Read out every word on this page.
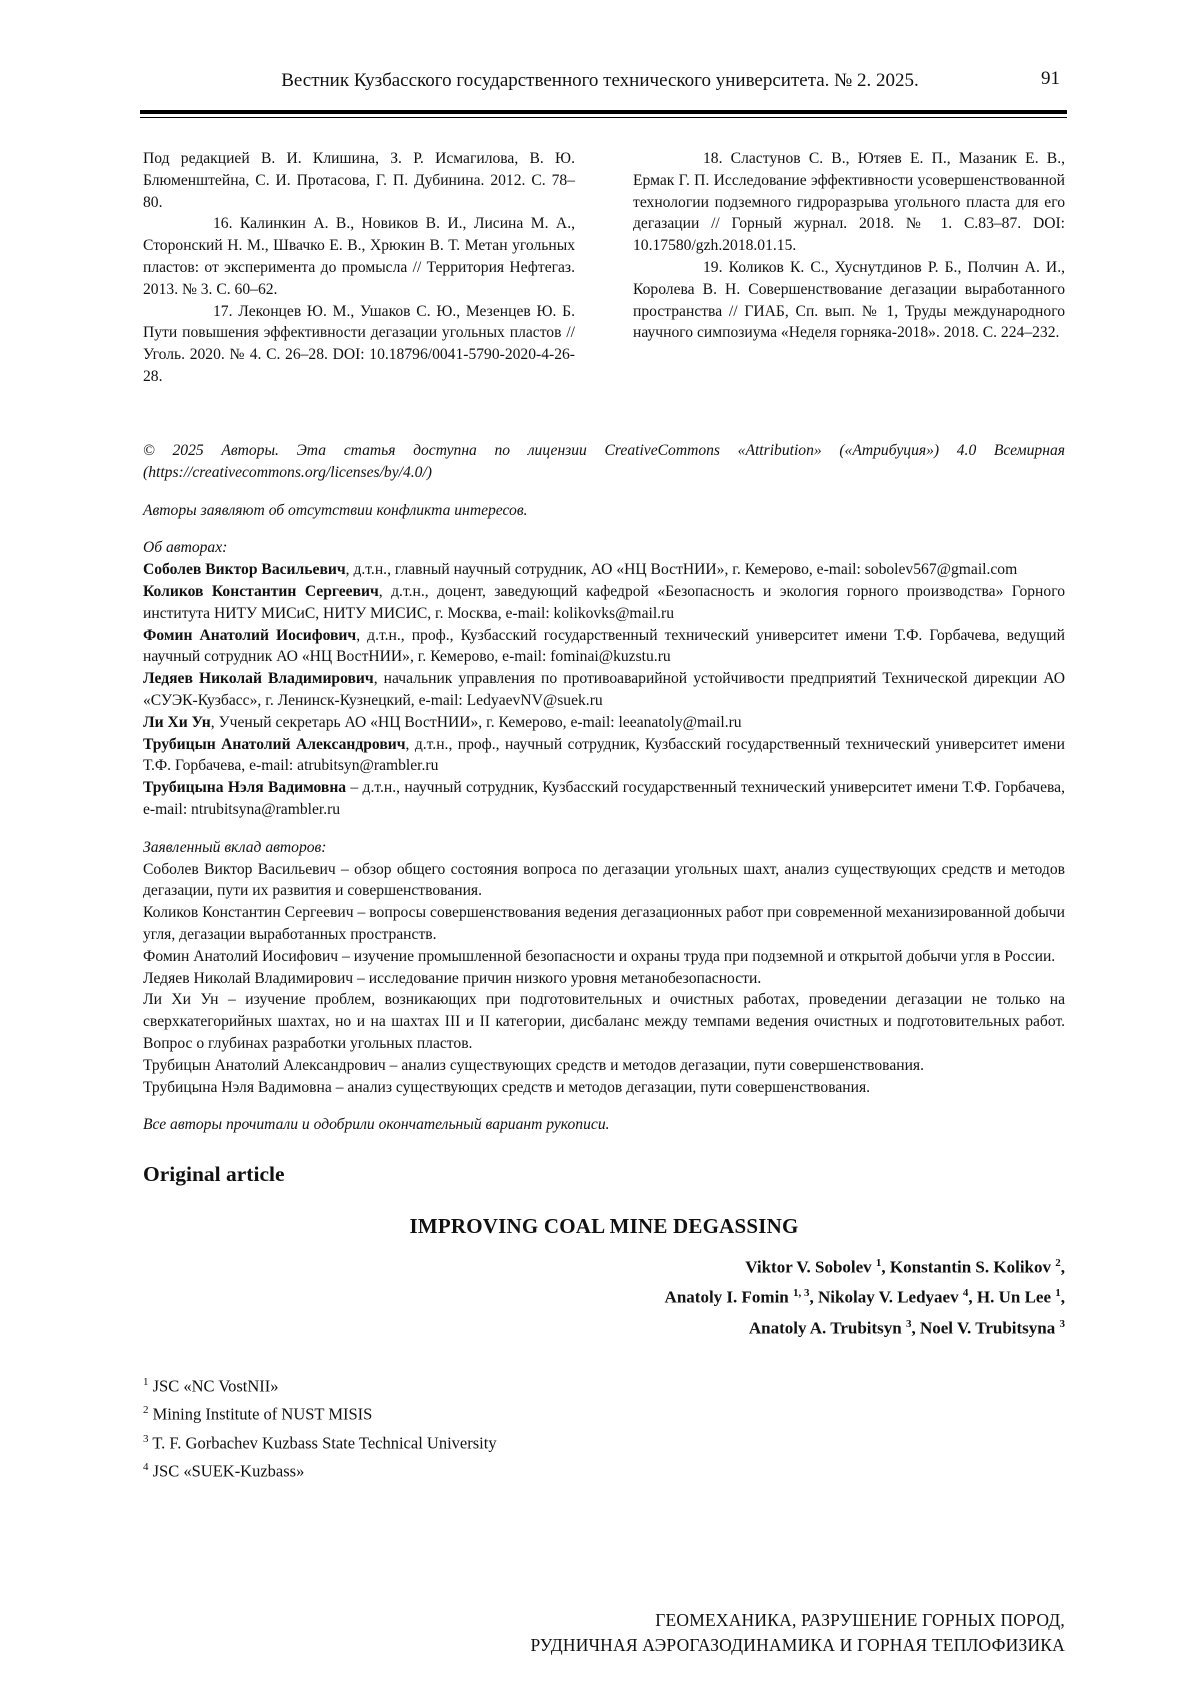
Вестник Кузбасского государственного технического университета. № 2. 2025.	91

Под редакцией В. И. Клишина, З. Р. Исмагилова, В. Ю. Блюменштейна, С. И. Протасова, Г. П. Дубинина. 2012. С. 78–80.

16. Калинкин А. В., Новиков В. И., Лисина М. А., Сторонский Н. М., Швачко Е. В., Хрюкин В. Т. Метан угольных пластов: от эксперимента до промысла // Территория Нефтегаз. 2013. № 3. С. 60–62.

17. Леконцев Ю. М., Ушаков С. Ю., Мезенцев Ю. Б. Пути повышения эффективности дегазации угольных пластов // Уголь. 2020. № 4. С. 26–28. DOI: 10.18796/0041-5790-2020-4-26-28.

18. Сластунов С. В., Ютяев Е. П., Мазаник Е. В., Ермак Г. П. Исследование эффективности усовершенствованной технологии подземного гидроразрыва угольного пласта для его дегазации // Горный журнал. 2018. № 1. С.83–87. DOI: 10.17580/gzh.2018.01.15.

19. Коликов К. С., Хуснутдинов Р. Б., Полчин А. И., Королева В. Н. Совершенствование дегазации выработанного пространства // ГИАБ, Сп. вып. № 1, Труды международного научного симпозиума «Неделя горняка-2018». 2018. С. 224–232.

© 2025 Авторы. Эта статья доступна по лицензии CreativeCommons «Attribution» («Атрибуция») 4.0 Всемирная (https://creativecommons.org/licenses/by/4.0/)

Авторы заявляют об отсутствии конфликта интересов.

Об авторах:

Соболев Виктор Васильевич, д.т.н., главный научный сотрудник, АО «НЦ ВостНИИ», г. Кемерово, e-mail: sobolev567@gmail.com

Коликов Константин Сергеевич, д.т.н., доцент, заведующий кафедрой «Безопасность и экология горного производства» Горного института НИТУ МИСиС, НИТУ МИСИС, г. Москва, e-mail: kolikovks@mail.ru

Фомин Анатолий Иосифович, д.т.н., проф., Кузбасский государственный технический университет имени Т.Ф. Горбачева, ведущий научный сотрудник АО «НЦ ВостНИИ», г. Кемерово, e-mail: fominai@kuzstu.ru

Ледяев Николай Владимирович, начальник управления по противоаварийной устойчивости предприятий Технической дирекции АО «СУЭК-Кузбасс», г. Ленинск-Кузнецкий, e-mail: LedyaevNV@suek.ru

Ли Хи Ун, Ученый секретарь АО «НЦ ВостНИИ», г. Кемерово, e-mail: leeanatoly@mail.ru

Трубицын Анатолий Александрович, д.т.н., проф., научный сотрудник, Кузбасский государственный технический университет имени Т.Ф. Горбачева, e-mail: atrubitsyn@rambler.ru

Трубицына Нэля Вадимовна – д.т.н., научный сотрудник, Кузбасский государственный технический университет имени Т.Ф. Горбачева, e-mail: ntrubitsyna@rambler.ru

Заявленный вклад авторов:

Соболев Виктор Васильевич – обзор общего состояния вопроса по дегазации угольных шахт, анализ существующих средств и методов дегазации, пути их развития и совершенствования.

Коликов Константин Сергеевич – вопросы совершенствования ведения дегазационных работ при современной механизированной добычи угля, дегазации выработанных пространств.

Фомин Анатолий Иосифович – изучение промышленной безопасности и охраны труда при подземной и открытой добычи угля в России.

Ледяев Николай Владимирович – исследование причин низкого уровня метанобезопасности.

Ли Хи Ун – изучение проблем, возникающих при подготовительных и очистных работах, проведении дегазации не только на сверхкатегорийных шахтах, но и на шахтах III и II категории, дисбаланс между темпами ведения очистных и подготовительных работ. Вопрос о глубинах разработки угольных пластов.

Трубицын Анатолий Александрович – анализ существующих средств и методов дегазации, пути совершенствования.

Трубицына Нэля Вадимовна – анализ существующих средств и методов дегазации, пути совершенствования.

Все авторы прочитали и одобрили окончательный вариант рукописи.

Original article
IMPROVING COAL MINE DEGASSING
Viktor V. Sobolev $^1$, Konstantin S. Kolikov $^2$,
Anatoly I. Fomin $^{1, 3}$, Nikolay V. Ledyaev $^4$, H. Un Lee $^1$,
Anatoly A. Trubitsyn $^3$, Noel V. Trubitsyna $^3$
$^1$ JSC «NC VostNII»
$^2$ Mining Institute of NUST MISIS
$^3$ T. F. Gorbachev Kuzbass State Technical University
$^4$ JSC «SUEK-Kuzbass»
ГЕОМЕХАНИКА, РАЗРУШЕНИЕ ГОРНЫХ ПОРОД,
РУДНИЧНАЯ АЭРОГАЗОДИНАМИКА И ГОРНАЯ ТЕПЛОФИЗИКА
